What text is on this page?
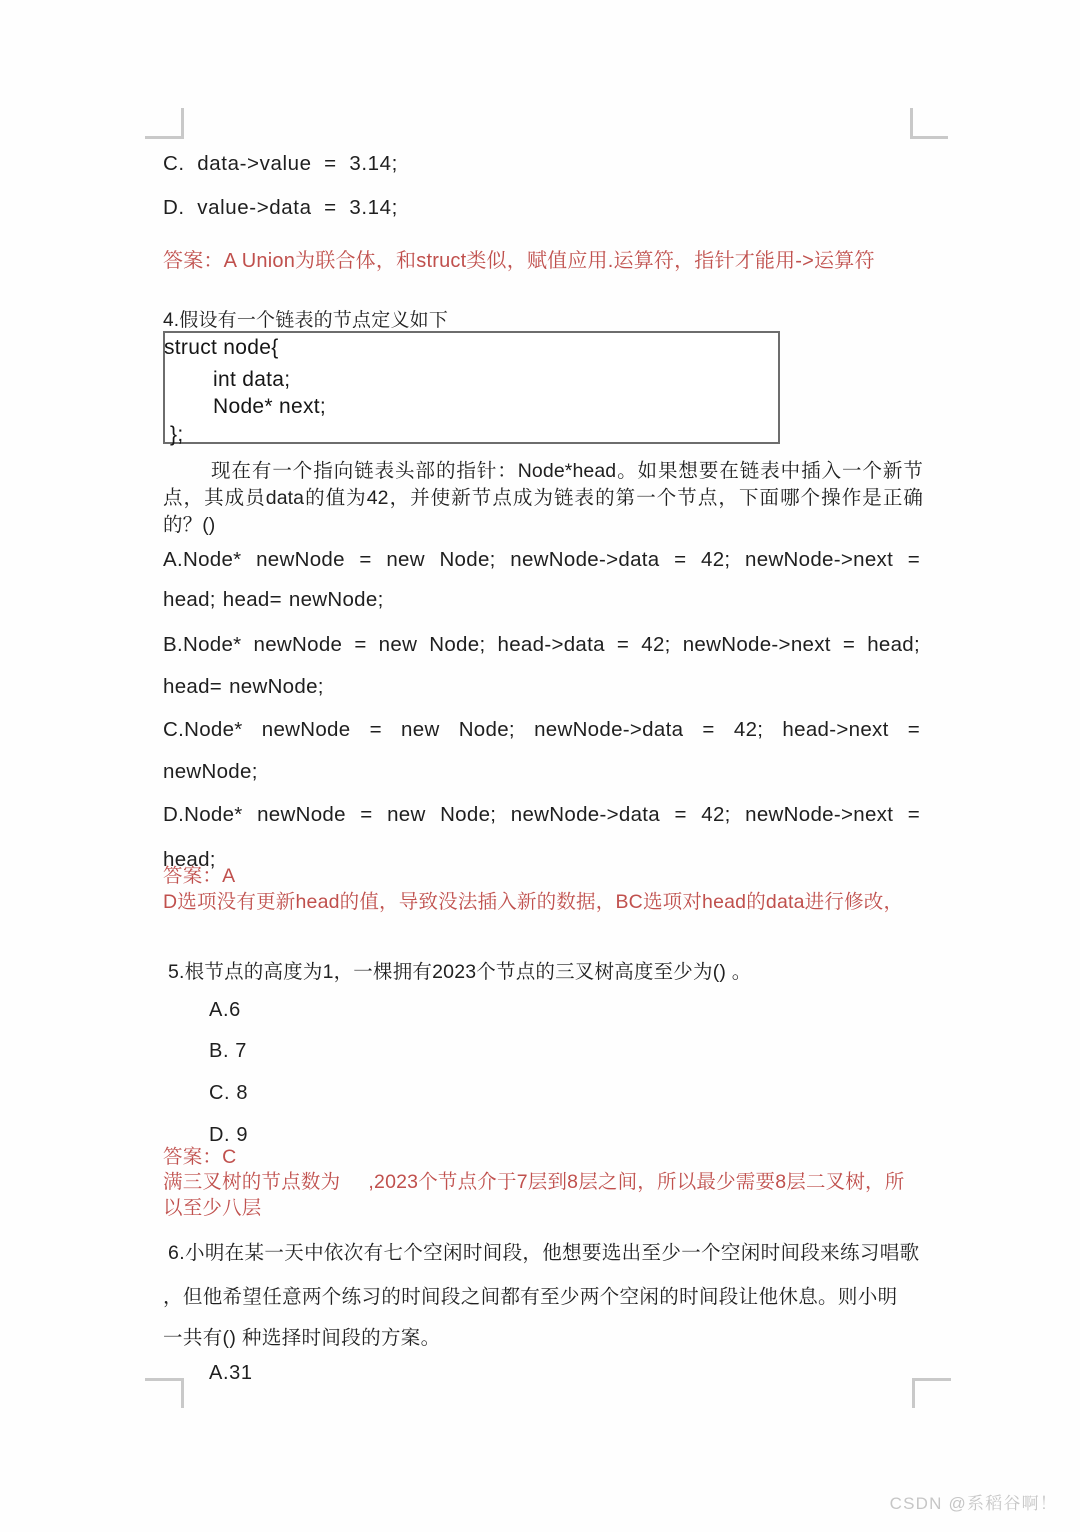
C.  data->value  =  3.14;

D.  value->data  =  3.14;

答案：A Union为联合体，和struct类似，赋值应用.运算符，指针才能用->运算符

4.假设有一个链表的节点定义如下

struct node{
int data;
Node* next;
};
现在有一个指向链表头部的指针：Node*head。如果想要在链表中插入一个新节点，其成员data的值为42，并使新节点成为链表的第一个节点，下面哪个操作是正确的？()

A.Node* newNode = new Node; newNode->data = 42; newNode->next =

head; head= newNode;

B.Node* newNode = new Node; head->data = 42; newNode->next = head;

head= newNode;

C.Node* newNode = new Node; newNode->data = 42; head->next =

newNode;

D.Node* newNode = new Node; newNode->data = 42; newNode->next =

head;

答案：A

D选项没有更新head的值，导致没法插入新的数据，BC选项对head的data进行修改，

5.根节点的高度为1，一棵拥有2023个节点的三叉树高度至少为() 。

A.6

B. 7

C. 8

D. 9

答案：C

满三叉树的节点数为 ,2023个节点介于7层到8层之间，所以最少需要8层二叉树，所

以至少八层

6.小明在某一天中依次有七个空闲时间段，他想要选出至少一个空闲时间段来练习唱歌

，但他希望任意两个练习的时间段之间都有至少两个空闲的时间段让他休息。则小明

一共有() 种选择时间段的方案。

A.31

CSDN @系稻谷啊！
